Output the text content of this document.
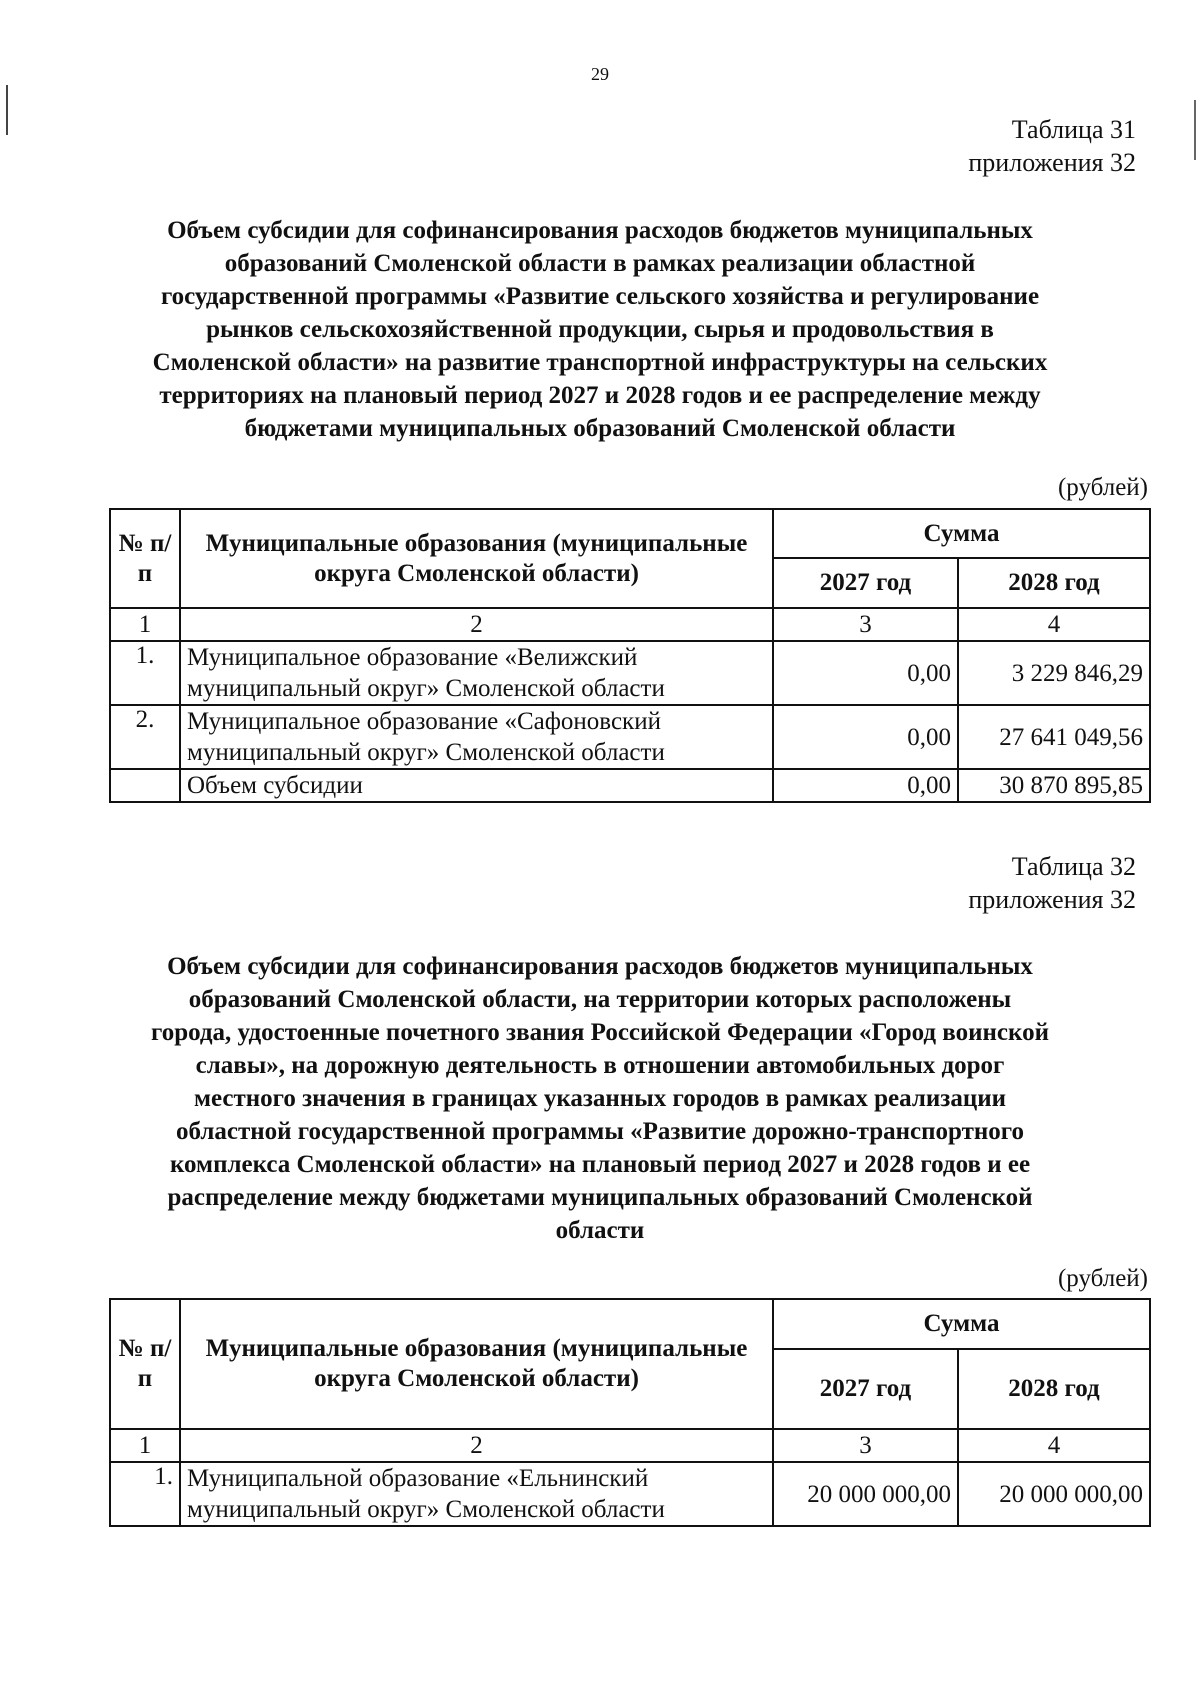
29
Таблица 31
приложения 32
Объем субсидии для софинансирования расходов бюджетов муниципальных
образований Смоленской области в рамках реализации областной
государственной программы «Развитие сельского хозяйства и регулирование
рынков сельскохозяйственной продукции, сырья и продовольствия в
Смоленской области» на развитие транспортной инфраструктуры на сельских
территориях на плановый период 2027 и 2028 годов и ее распределение между
бюджетами муниципальных образований Смоленской области
(рублей)
№ п/п	Муниципальные образования (муниципальные округа Смоленской области)	Сумма	
		2027 год	2028 год
1	2	3	4
1.	Муниципальное образование «Велижский
муниципальный округ» Смоленской области	0,00	3 229 846,29
2.	Муниципальное образование «Сафоновский
муниципальный округ» Смоленской области	0,00	27 641 049,56
	Объем субсидии	0,00	30 870 895,85
Таблица 32
приложения 32
Объем субсидии для софинансирования расходов бюджетов муниципальных
образований Смоленской области, на территории которых расположены
города, удостоенные почетного звания Российской Федерации «Город воинской
славы», на дорожную деятельность в отношении автомобильных дорог
местного значения в границах указанных городов в рамках реализации
областной государственной программы «Развитие дорожно-транспортного
комплекса Смоленской области» на плановый период 2027 и 2028 годов и ее
распределение между бюджетами муниципальных образований Смоленской
области
(рублей)
№ п/п	Муниципальные образования (муниципальные округа Смоленской области)	Сумма	
		2027 год	2028 год
1	2	3	4
1.	Муниципальной образование «Ельнинский
муниципальный округ» Смоленской области	20 000 000,00	20 000 000,00
